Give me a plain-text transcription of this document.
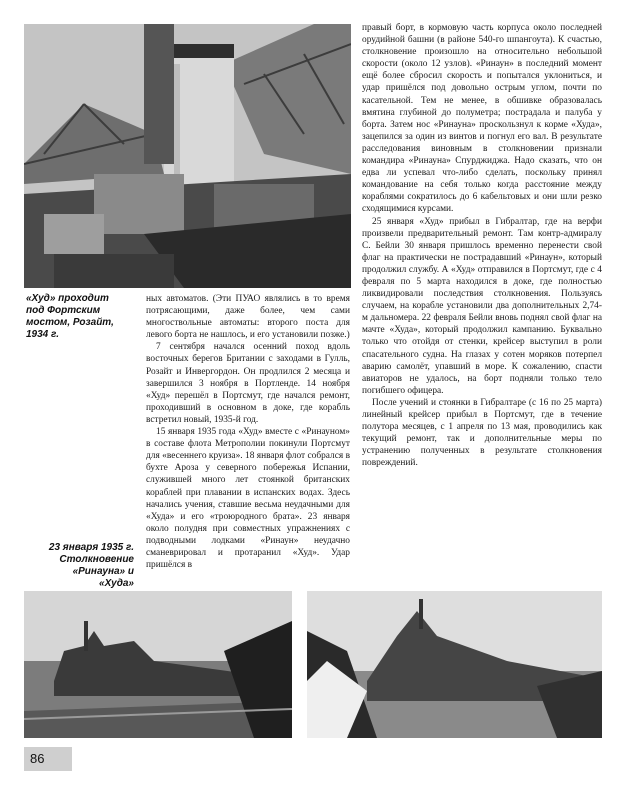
«Худ» проходит под Фортским мостом, Розайт, 1934 г.

ных автоматов. (Эти ПУАО являлись в то время потрясающими, даже более, чем сами многоствольные автоматы: второго поста для левого борта не нашлось, и его установили позже.)

7 сентября начался осенний поход вдоль восточных берегов Британии с заходами в Гулль, Розайт и Инвергордон. Он продлился 2 месяца и завершился 3 ноября в Портленде. 14 ноября «Худ» перешёл в Портсмут, где начался ремонт, проходивший в основном в доке, где корабль встретил новый, 1935-й год.

15 января 1935 года «Худ» вместе с «Ринауном» в составе флота Метрополии покинули Портсмут для «весеннего круиза». 18 января флот собрался в бухте Ароза у северного побережья Испании, служившей много лет стоянкой британских кораблей при плавании в испанских водах. Здесь начались учения, ставшие весьма неудачными для «Худа» и его «троюродного брата». 23 января около полудня при совместных упражнениях с подводными лодками «Ринаун» неудачно сманеврировал и протаранил «Худ». Удар пришёлся в

23 января 1935 г.
Столкновение
«Ринауна» и «Худа»

правый борт, в кормовую часть корпуса около последней орудийной башни (в районе 540-го шпангоута). К счастью, столкновение произошло на относительно небольшой скорости (около 12 узлов). «Ринаун» в последний момент ещё более сбросил скорость и попытался уклониться, и удар пришёлся под довольно острым углом, почти по касательной. Тем не менее, в обшивке образовалась вмятина глубиной до полуметра; пострадала и палуба у борта. Затем нос «Ринауна» проскользнул к корме «Худа», зацепился за один из винтов и погнул его вал. В результате расследования виновным в столкновении признали командира «Ринауна» Спурджиджа. Надо сказать, что он едва ли успевал что-либо сделать, поскольку принял командование на себя только когда расстояние между кораблями сократилось до 6 кабельтовых и они шли резко сходящимися курсами.

25 января «Худ» прибыл в Гибралтар, где на верфи произвели предварительный ремонт. Там контр-адмиралу С. Бейли 30 января пришлось временно перенести свой флаг на практически не пострадавший «Ринаун», который продолжил службу. А «Худ» отправился в Портсмут, где с 4 февраля по 5 марта находился в доке, где полностью ликвидировали последствия столкновения. Пользуясь случаем, на корабле установили два дополнительных 2,74-м дальномера. 22 февраля Бейли вновь поднял свой флаг на мачте «Худа», который продолжил кампанию. Буквально только что отойдя от стенки, крейсер выступил в роли спасательного судна. На глазах у сотен моряков потерпел аварию самолёт, упавший в море. К сожалению, спасти авиаторов не удалось, на борт подняли только тело погибшего офицера.

После учений и стоянки в Гибралтаре (с 16 по 25 марта) линейный крейсер прибыл в Портсмут, где в течение полутора месяцев, с 1 апреля по 13 мая, проводились как текущий ремонт, так и дополнительные меры по устранению полученных в результате столкновения повреждений.

86
